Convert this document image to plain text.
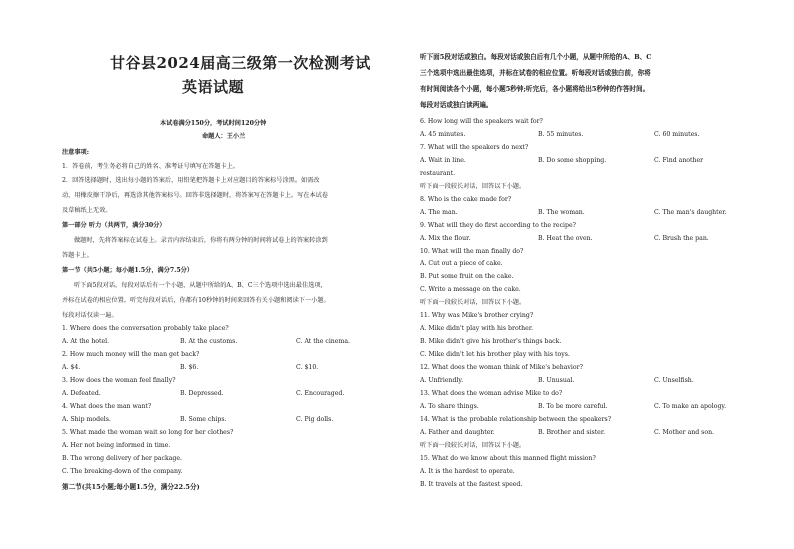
甘谷县2024届高三级第一次检测考试
英语试题
本试卷满分150分，考试时间120分钟
命题人：王小兰
注意事项:
1．答卷前，考生务必将自己的姓名、准考证号填写在答题卡上。
2．回答选择题时，选出每小题的答案后，用铅笔把答题卡上对应题目的答案标号涂黑。如需改
动，用橡皮擦干净后，再选涂其他答案标号。回答非选择题时，将答案写在答题卡上。写在本试卷
及草稿纸上无效。
第一部分 听力（共两节，满分30分）
做题时，先将答案标在试卷上。录音内容结束后，你将有两分钟的时间将试卷上的答案转涂到
答题卡上。
第一节（共5小题；每小题1.5分，满分7.5分）
听下面5段对话。每段对话后有一个小题，从题中所给的A、B、C三个选项中选出最佳选项，
并标在试卷的相应位置。听完每段对话后，你都有10秒钟的时间来回答有关小题和阅读下一小题。
每段对话仅读一遍。
1. Where does the conversation probably take place?
A. At the hotel.	B. At the customs.	C. At the cinema.
2. How much money will the man get back?
A. $4.	B. $6.	C. $10.
3. How does the woman feel finally?
A. Defeated.	B. Depressed.	C. Encouraged.
4. What does the man want?
A. Ship models.	B. Some chips.	C. Pig dolls.
5. What made the woman wait so long for her clothes?
A. Her not being informed in time.
B. The wrong delivery of her package.
C. The breaking-down of the company.
第二节(共15小题;每小题1.5分，满分22.5分)
听下面5段对话或独白。每段对话或独白后有几个小题，从题中所给的A、B、C
三个选项中选出最佳选项，并标在试卷的相应位置。听每段对话或独白前，你将
有时间阅读各个小题，每小题5秒钟;听完后，各小题将给出5秒钟的作答时间。
每段对话或独白读两遍。
6. How long will the speakers wait for?
A. 45 minutes.	B. 55 minutes.	C. 60 minutes.
7. What will the speakers do next?
A. Wait in line.	B. Do some shopping.	C. Find another
restaurant.
听下面一段较长对话，回答以下小题。
8. Who is the cake made for?
A. The man.	B. The woman.	C. The man's daughter.
9. What will they do first according to the recipe?
A. Mix the flour.	B. Heat the oven.	C. Brush the pan.
10. What will the man finally do?
A. Cut out a piece of cake.
B. Put some fruit on the cake.
C. Write a message on the cake.
听下面一段较长对话，回答以下小题。
11. Why was Mike's brother crying?
A. Mike didn't play with his brother.
B. Mike didn't give his brother's things back.
C. Mike didn't let his brother play with his toys.
12. What does the woman think of Mike's behavior?
A. Unfriendly.	B. Unusual.	C. Unselfish.
13. What does the woman advise Mike to do?
A. To share things.	B. To be more careful.	C. To make an apology.
14. What is the probable relationship between the speakers?
A. Father and daughter.	B. Brother and sister.	C. Mother and son.
听下面一段较长对话，回答以下小题。
15. What do we know about this manned flight mission?
A. It is the hardest to operate.
B. It travels at the fastest speed.
